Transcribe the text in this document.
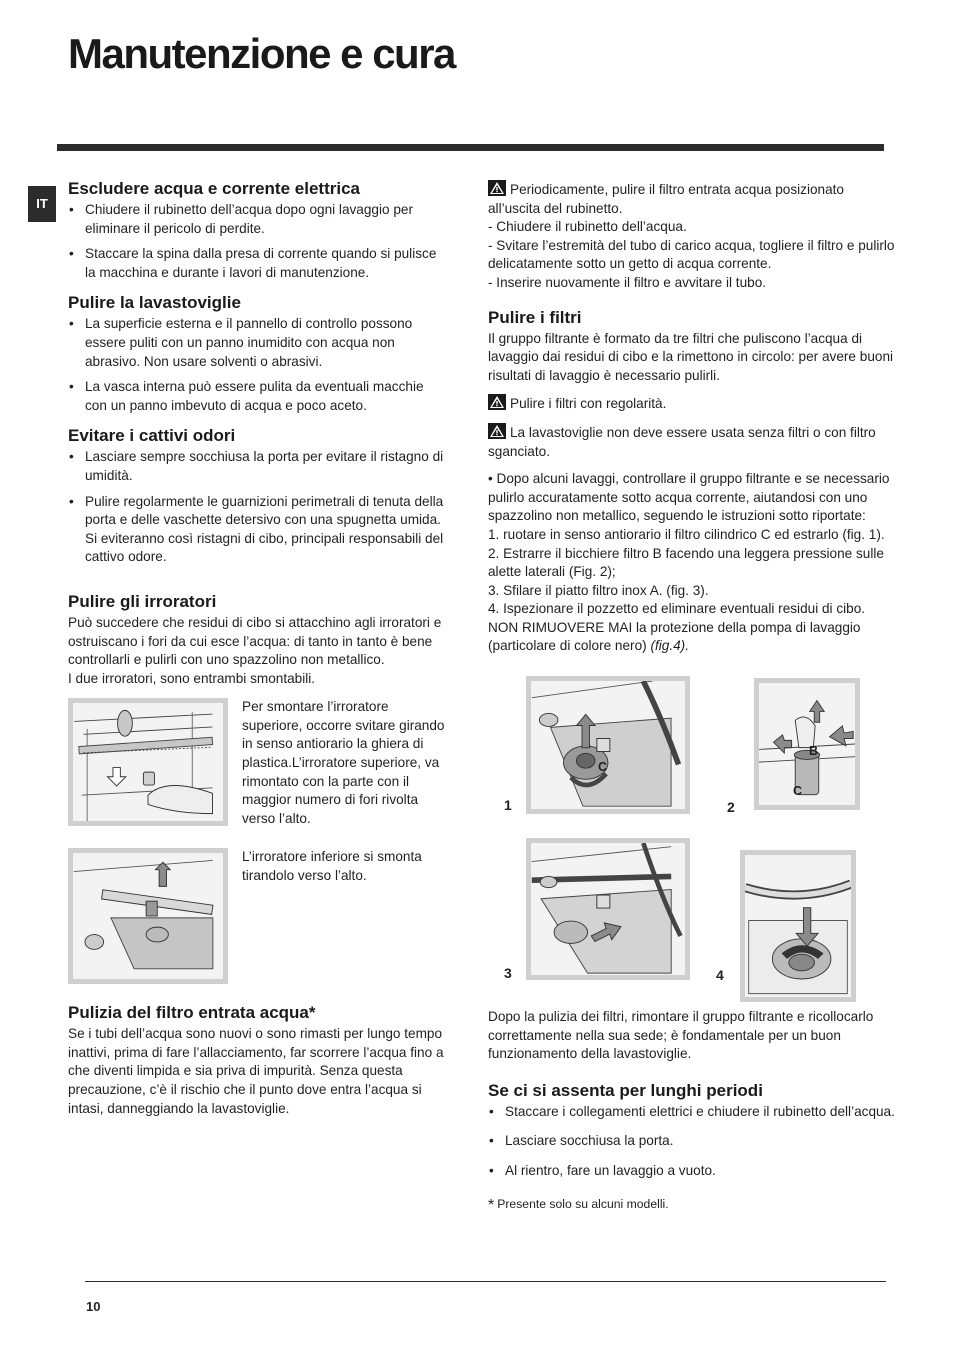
Manutenzione e cura
IT
Escludere acqua e corrente elettrica
• Chiudere il rubinetto dell’acqua dopo ogni lavaggio per eliminare il pericolo di perdite.
• Staccare la spina dalla presa di corrente quando si pulisce la macchina e durante i lavori di manutenzione.
Pulire la lavastoviglie
• La superficie esterna e il pannello di controllo possono essere puliti con un panno inumidito con acqua non abrasivo. Non usare solventi o abrasivi.
• La vasca interna può essere pulita da eventuali macchie con un panno imbevuto di acqua e poco aceto.
Evitare i cattivi odori
• Lasciare sempre socchiusa la porta per evitare il ristagno di umidità.
• Pulire regolarmente le guarnizioni perimetrali di tenuta della porta e delle vaschette detersivo con una spugnetta umida. Si eviteranno così ristagni di cibo, principali responsabili del cattivo odore.
Pulire gli irroratori

Può succedere che residui di cibo si attacchino agli irroratori e ostruiscano i fori da cui esce l’acqua: di tanto in tanto è bene controllarli e pulirli con uno spazzolino non metallico.

I due irroratori, sono entrambi smontabili.

Per smontare l’irroratore superiore, occorre svitare girando in senso antiorario la ghiera di plastica.L’irroratore superiore, va rimontato con la parte con il maggior numero di fori rivolta verso l’alto.

L’irroratore inferiore si smonta tirandolo verso l’alto.

Pulizia del filtro entrata acqua*

Se i tubi dell’acqua sono nuovi o sono rimasti per lungo tempo inattivi, prima di fare l’allacciamento, far scorrere l’acqua fino a che diventi limpida e sia priva di impurità. Senza questa precauzione, c’è il rischio che il punto dove entra l’acqua si intasi, danneggiando la lavastoviglie.

Periodicamente, pulire il filtro entrata acqua posizionato all’uscita del rubinetto.

- Chiudere il rubinetto dell’acqua.

- Svitare l’estremità del tubo di carico acqua, togliere il filtro e pulirlo delicatamente sotto un getto di acqua corrente.

- Inserire nuovamente il filtro e avvitare il tubo.

Pulire i filtri

Il gruppo filtrante è formato da tre filtri che puliscono l’acqua di lavaggio dai residui di cibo e la rimettono in circolo: per avere buoni risultati di lavaggio è necessario pulirli.

Pulire i filtri con regolarità.

La lavastoviglie non deve essere usata senza filtri o con filtro sganciato.

• Dopo alcuni lavaggi, controllare il gruppo filtrante e se necessario pulirlo accuratamente sotto acqua corrente, aiutandosi con uno spazzolino non metallico, seguendo le istruzioni sotto riportate:

1. ruotare in senso antiorario il filtro cilindrico C ed estrarlo (fig. 1).

2. Estrarre il bicchiere filtro B facendo una leggera pressione sulle alette laterali (Fig. 2);

3. Sfilare il piatto filtro inox A. (fig. 3).

4. Ispezionare il pozzetto ed eliminare eventuali residui di cibo. NON RIMUOVERE MAI la protezione della pompa di lavaggio (particolare di colore nero) (fig.4).

1	2
3	4
C
B
C

Dopo la pulizia dei filtri, rimontare il gruppo filtrante e ricollocarlo correttamente nella sua sede; è fondamentale per un buon funzionamento della lavastoviglie.

Se ci si assenta per lunghi periodi
• Staccare i collegamenti elettrici e chiudere il rubinetto dell’acqua.
• Lasciare socchiusa la porta.
• Al rientro, fare un lavaggio a vuoto.

* Presente solo su alcuni modelli.

10
